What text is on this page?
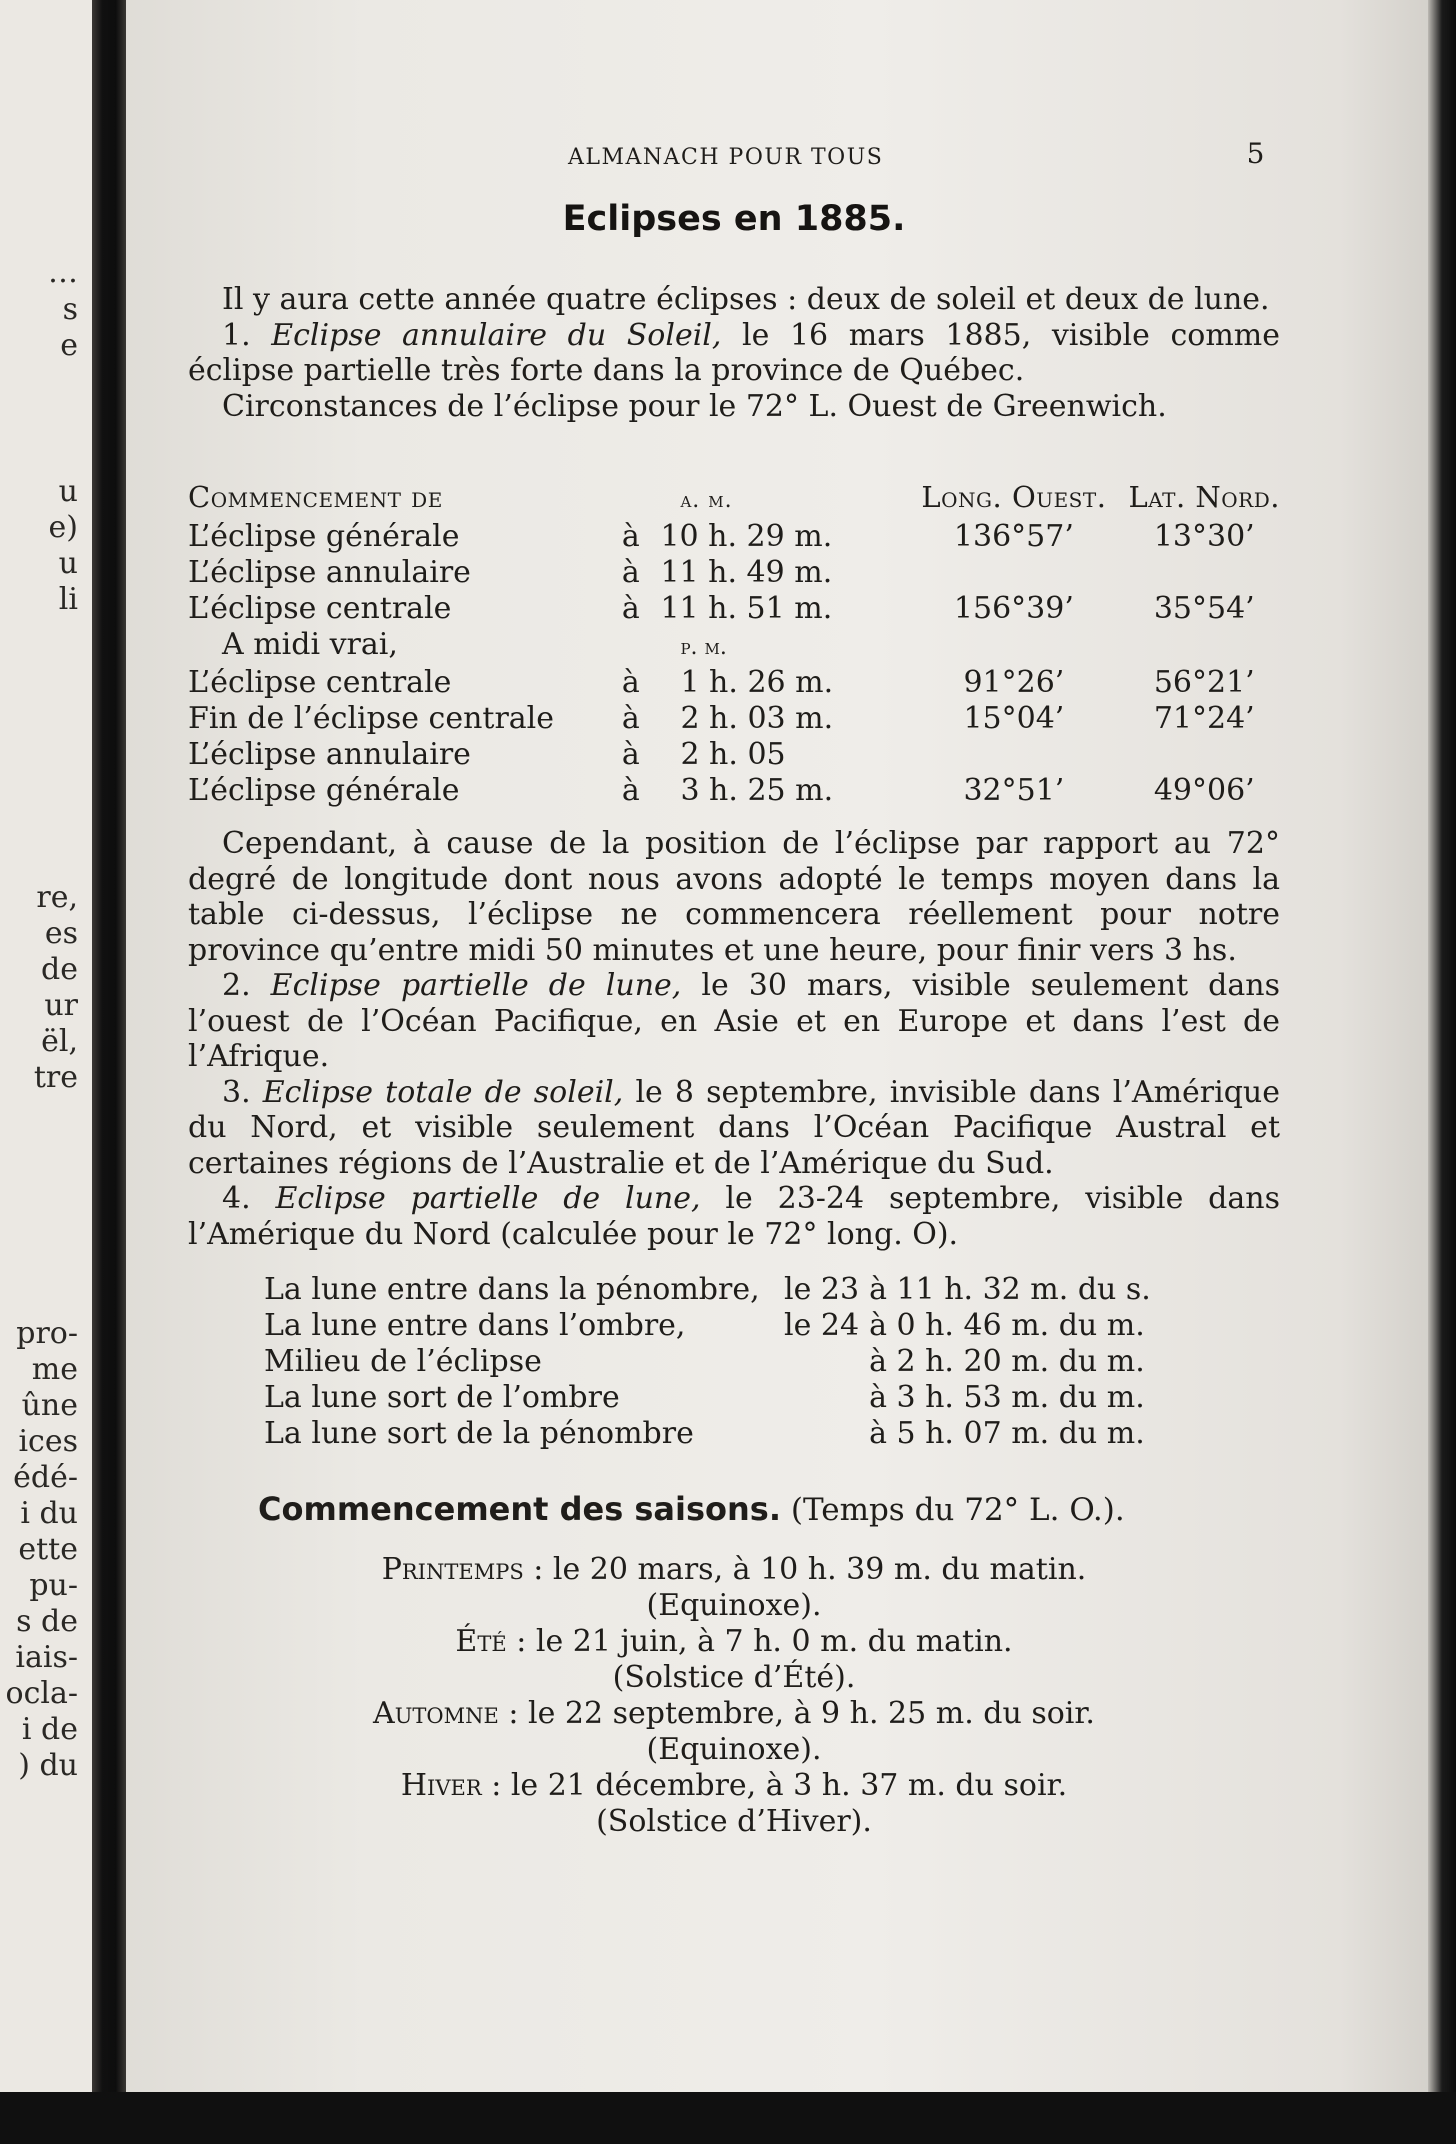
…
s
e
u
e)
u
li
re,
es
de
ur
ël,
tre
pro-
me
ûne
ices
édé-
i du
ette
pu-
s de
iais-
ocla-
i de
) du
ALMANACH POUR TOUS	5
Eclipses en 1885.

Il y aura cette année quatre éclipses : deux de soleil et deux de lune.

1. Eclipse annulaire du Soleil, le 16 mars 1885, visible comme éclipse partielle très forte dans la province de Québec.

Circonstances de l’éclipse pour le 72° L. Ouest de Greenwich.

Commencement de		a. m.	Long. Ouest.	Lat. Nord.
L’éclipse générale	à	10 h. 29 m.	136°57’	13°30’
L’éclipse annulaire	à	11 h. 49 m.		
L’éclipse centrale	à	11 h. 51 m.	156°39’	35°54’
A midi vrai,		p. m.		
L’éclipse centrale	à	1 h. 26 m.	91°26’	56°21’
Fin de l’éclipse centrale	à	2 h. 03 m.	15°04’	71°24’
L’éclipse annulaire	à	2 h. 05		
L’éclipse générale	à	3 h. 25 m.	32°51’	49°06’

Cependant, à cause de la position de l’éclipse par rapport au 72° degré de longitude dont nous avons adopté le temps moyen dans la table ci-dessus, l’éclipse ne commencera réellement pour notre province qu’entre midi 50 minutes et une heure, pour finir vers 3 hs.

2. Eclipse partielle de lune, le 30 mars, visible seulement dans l’ouest de l’Océan Pacifique, en Asie et en Europe et dans l’est de l’Afrique.

3. Eclipse totale de soleil, le 8 septembre, invisible dans l’Amérique du Nord, et visible seulement dans l’Océan Pacifique Austral et certaines régions de l’Australie et de l’Amérique du Sud.

4. Eclipse partielle de lune, le 23-24 septembre, visible dans l’Amérique du Nord (calculée pour le 72° long. O).

La lune entre dans la pénombre,	le 23	à 11 h. 32 m. du s.
La lune entre dans l’ombre,	le 24	à 0 h. 46 m. du m.
Milieu de l’éclipse		à 2 h. 20 m. du m.
La lune sort de l’ombre		à 3 h. 53 m. du m.
La lune sort de la pénombre		à 5 h. 07 m. du m.
Commencement des saisons. (Temps du 72° L. O.).
Printemps : le 20 mars, à 10 h. 39 m. du matin.
(Equinoxe).
Été : le 21 juin, à 7 h. 0 m. du matin.
(Solstice d’Été).
Automne : le 22 septembre, à 9 h. 25 m. du soir.
(Equinoxe).
Hiver : le 21 décembre, à 3 h. 37 m. du soir.
(Solstice d’Hiver).
